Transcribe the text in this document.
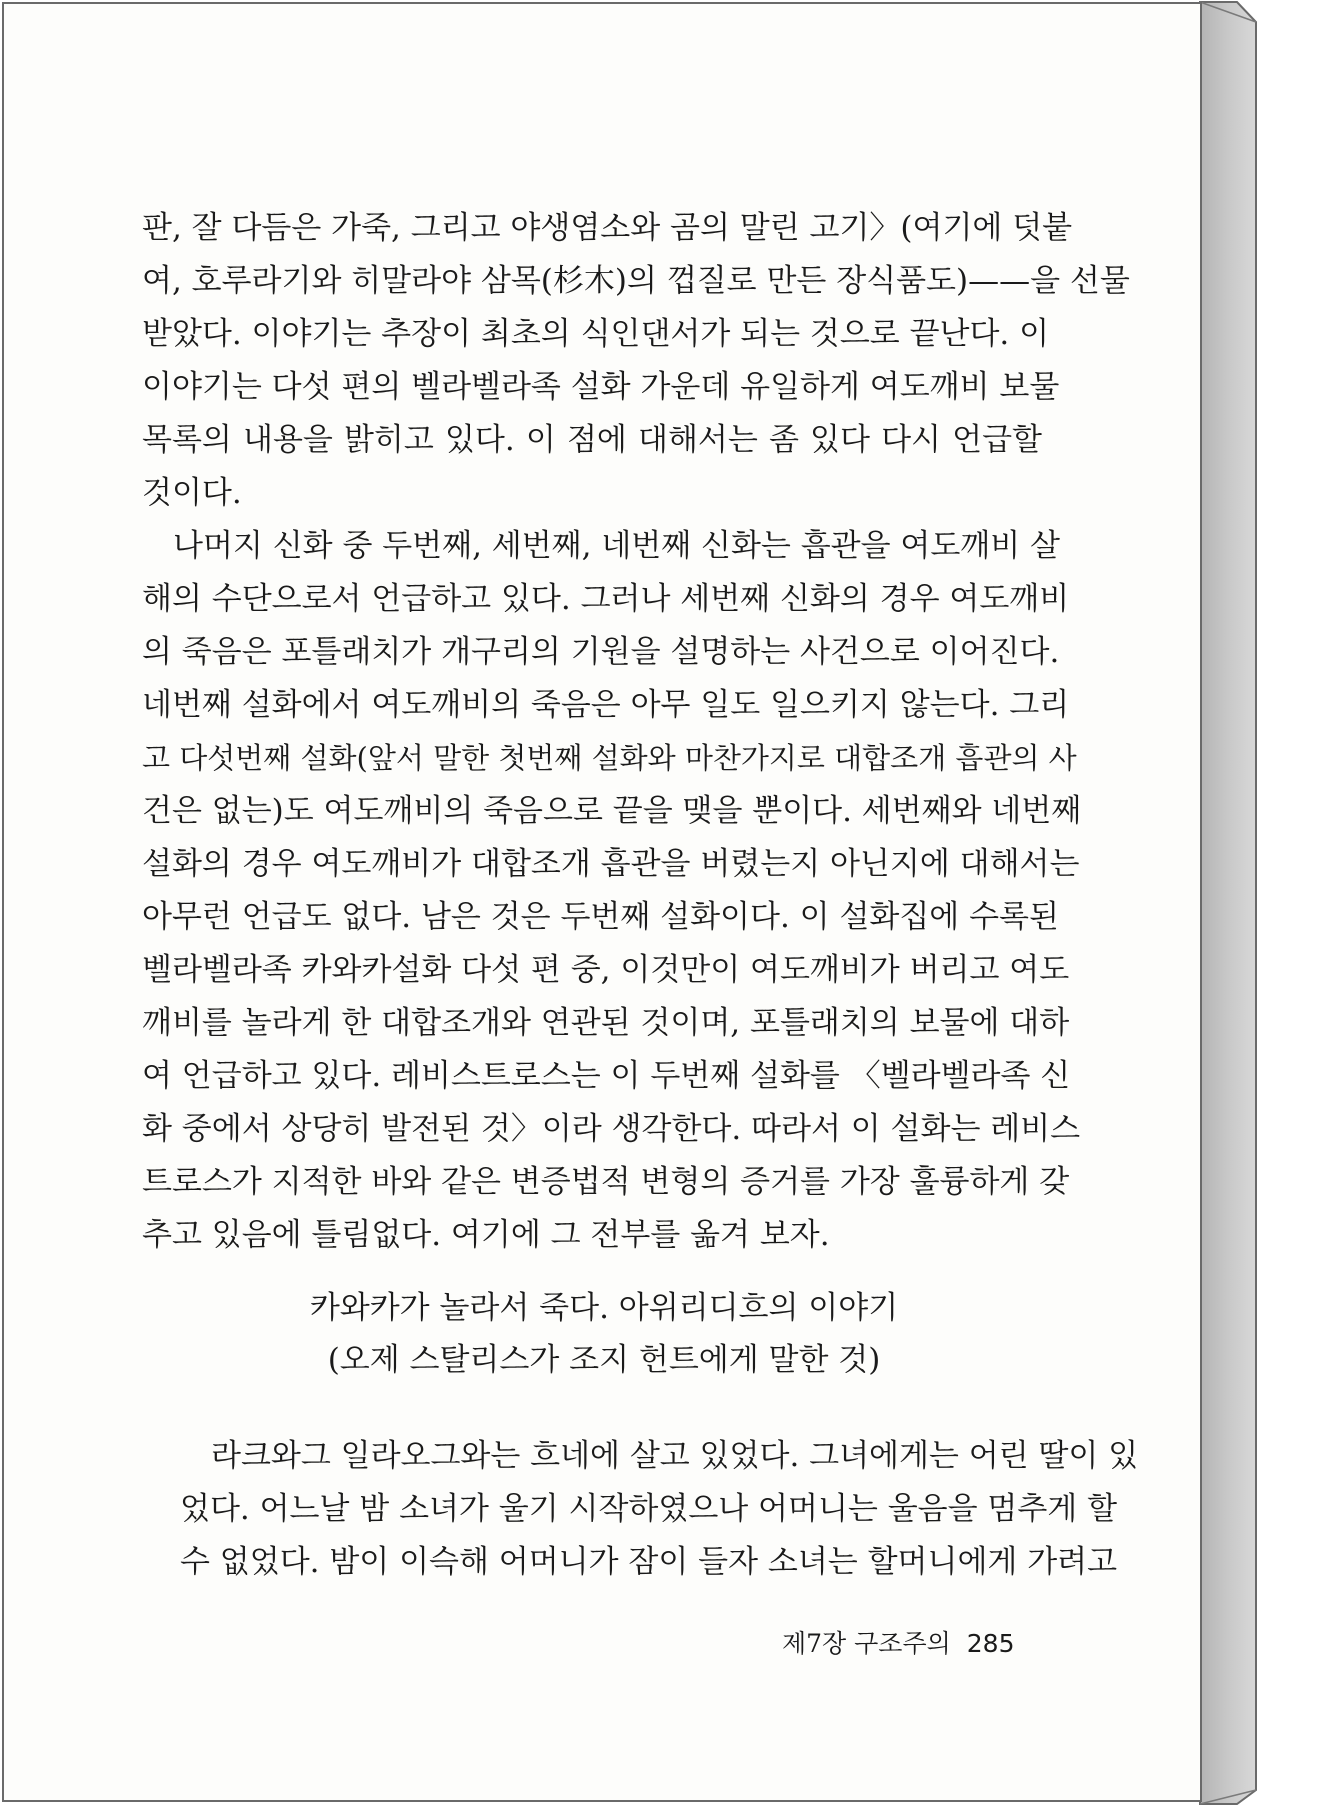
판, 잘 다듬은 가죽, 그리고 야생염소와 곰의 말린 고기〉(여기에 덧붙
여, 호루라기와 히말라야 삼목(杉木)의 껍질로 만든 장식품도)——을 선물
받았다. 이야기는 추장이 최초의 식인댄서가 되는 것으로 끝난다. 이
이야기는 다섯 편의 벨라벨라족 설화 가운데 유일하게 여도깨비 보물
목록의 내용을 밝히고 있다. 이 점에 대해서는 좀 있다 다시 언급할
것이다.
나머지 신화 중 두번째, 세번째, 네번째 신화는 흡관을 여도깨비 살
해의 수단으로서 언급하고 있다. 그러나 세번째 신화의 경우 여도깨비
의 죽음은 포틀래치가 개구리의 기원을 설명하는 사건으로 이어진다.
네번째 설화에서 여도깨비의 죽음은 아무 일도 일으키지 않는다. 그리
고 다섯번째 설화(앞서 말한 첫번째 설화와 마찬가지로 대합조개 흡관의 사
건은 없는)도 여도깨비의 죽음으로 끝을 맺을 뿐이다. 세번째와 네번째
설화의 경우 여도깨비가 대합조개 흡관을 버렸는지 아닌지에 대해서는
아무런 언급도 없다. 남은 것은 두번째 설화이다. 이 설화집에 수록된
벨라벨라족 카와카설화 다섯 편 중, 이것만이 여도깨비가 버리고 여도
깨비를 놀라게 한 대합조개와 연관된 것이며, 포틀래치의 보물에 대하
여 언급하고 있다. 레비스트로스는 이 두번째 설화를 〈벨라벨라족 신
화 중에서 상당히 발전된 것〉이라 생각한다. 따라서 이 설화는 레비스
트로스가 지적한 바와 같은 변증법적 변형의 증거를 가장 훌륭하게 갖
추고 있음에 틀림없다. 여기에 그 전부를 옮겨 보자.
카와카가 놀라서 죽다. 아위리디흐의 이야기
(오제 스탈리스가 조지 헌트에게 말한 것)
라크와그 일라오그와는 흐네에 살고 있었다. 그녀에게는 어린 딸이 있
었다. 어느날 밤 소녀가 울기 시작하였으나 어머니는 울음을 멈추게 할
수 없었다. 밤이 이슥해 어머니가 잠이 들자 소녀는 할머니에게 가려고
제7장 구조주의 285
